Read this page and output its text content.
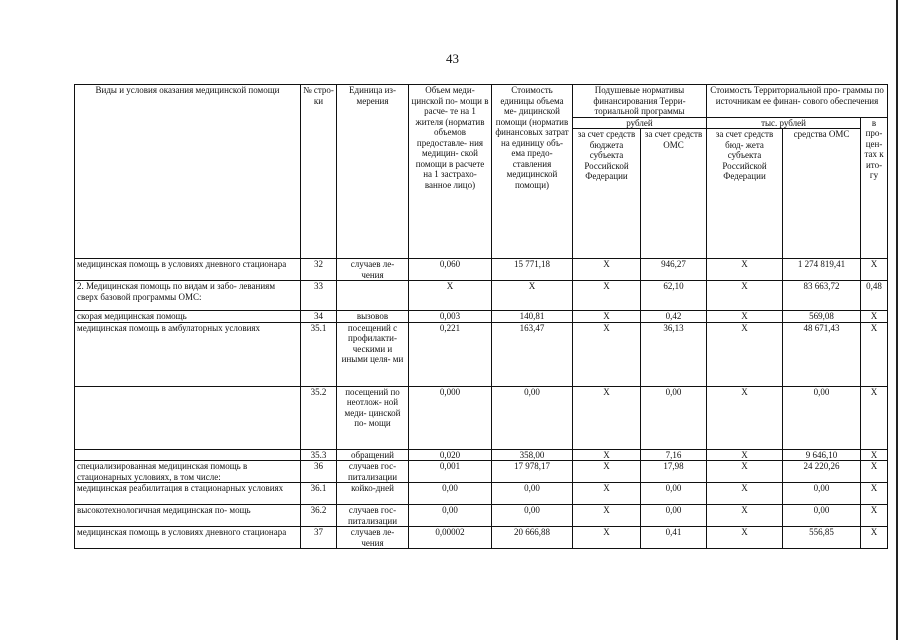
43
Виды и условия оказания медицинской помощи	№ стро- ки	Единица из- мерения	Объем меди- цинской по- мощи в расче- те на 1 жителя (норматив объемов предоставле- ния медицин- ской помощи в расчете на 1 застрахо- ванное лицо)	Стоимость единицы объема ме- дицинской помощи (норматив финансовых затрат на единицу объ- ема предо- ставления медицинской помощи)	Подушевые нормативы финансирования Терри- ториальной программы		Стоимость Территориальной про- граммы по источникам ее финан- сового обеспечения		
					рублей		тыс. рублей		в про- цен- тах к ито- гу
					за счет средств бюджета субъекта Российской Федерации	за счет средств ОМС	за счет средств бюд- жета субъекта Российской Федерации	средства ОМС	
медицинская помощь в условиях дневного стационара	32	случаев ле- чения	0,060	15 771,18	X	946,27	X	1 274 819,41	X
2. Медицинская помощь по видам и забо- леваниям сверх базовой программы ОМС:	33		X	X	X	62,10	X	83 663,72	0,48
скорая медицинская помощь	34	вызовов	0,003	140,81	X	0,42	X	569,08	X
медицинская помощь в амбулаторных условиях	35.1	посещений с профилакти- ческими и иными целя- ми	0,221	163,47	X	36,13	X	48 671,43	X
	35.2	посещений по неотлож- ной меди- цинской по- мощи	0,000	0,00	X	0,00	X	0,00	X
	35.3	обращений	0,020	358,00	X	7,16	X	9 646,10	X
специализированная медицинская помощь в стационарных условиях, в том числе:	36	случаев гос- питализации	0,001	17 978,17	X	17,98	X	24 220,26	X
медицинская реабилитация в стационарных условиях	36.1	койко-дней	0,00	0,00	X	0,00	X	0,00	X
высокотехнологичная медицинская по- мощь	36.2	случаев гос- питализации	0,00	0,00	X	0,00	X	0,00	X
медицинская помощь в условиях дневного стационара	37	случаев ле- чения	0,00002	20 666,88	X	0,41	X	556,85	X
